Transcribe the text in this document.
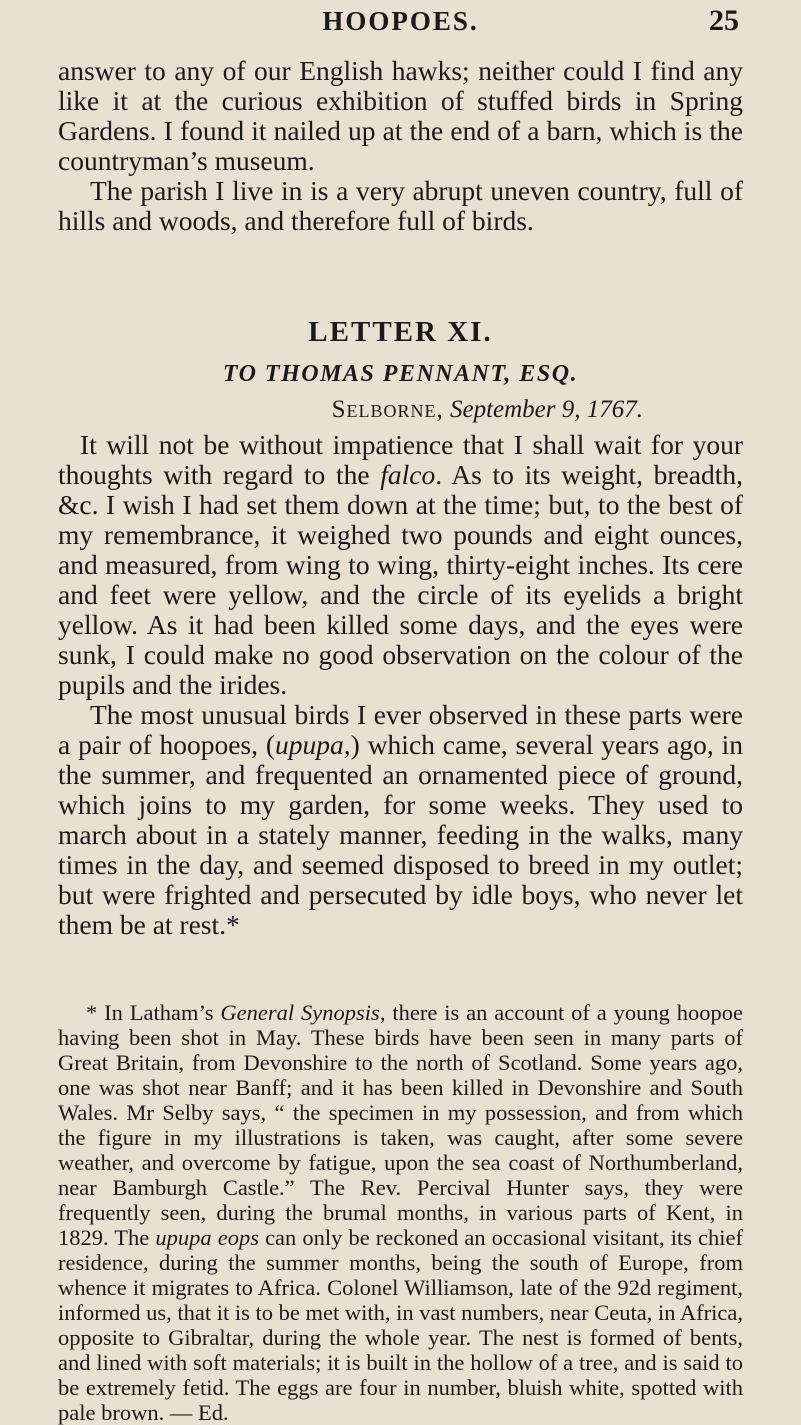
HOOPOES.	25

answer to any of our English hawks; neither could I find any like it at the curious exhibition of stuffed birds in Spring Gardens. I found it nailed up at the end of a barn, which is the countryman’s museum.

The parish I live in is a very abrupt uneven country, full of hills and woods, and therefore full of birds.

LETTER XI.
TO THOMAS PENNANT, ESQ.
Selborne, September 9, 1767.

It will not be without impatience that I shall wait for your thoughts with regard to the falco. As to its weight, breadth, &c. I wish I had set them down at the time; but, to the best of my remembrance, it weighed two pounds and eight ounces, and measured, from wing to wing, thirty-eight inches. Its cere and feet were yellow, and the circle of its eyelids a bright yellow. As it had been killed some days, and the eyes were sunk, I could make no good observation on the colour of the pupils and the irides.

The most unusual birds I ever observed in these parts were a pair of hoopoes, (upupa,) which came, several years ago, in the summer, and frequented an ornamented piece of ground, which joins to my garden, for some weeks. They used to march about in a stately manner, feeding in the walks, many times in the day, and seemed disposed to breed in my outlet; but were frighted and persecuted by idle boys, who never let them be at rest.*

* In Latham’s General Synopsis, there is an account of a young hoopoe having been shot in May. These birds have been seen in many parts of Great Britain, from Devonshire to the north of Scotland. Some years ago, one was shot near Banff; and it has been killed in Devonshire and South Wales. Mr Selby says, “ the specimen in my possession, and from which the figure in my illustrations is taken, was caught, after some severe weather, and overcome by fatigue, upon the sea coast of Northumberland, near Bamburgh Castle.” The Rev. Percival Hunter says, they were frequently seen, during the brumal months, in various parts of Kent, in 1829. The upupa eops can only be reckoned an occasional visitant, its chief residence, during the summer months, being the south of Europe, from whence it migrates to Africa. Colonel Williamson, late of the 92d regiment, informed us, that it is to be met with, in vast numbers, near Ceuta, in Africa, opposite to Gibraltar, during the whole year. The nest is formed of bents, and lined with soft materials; it is built in the hollow of a tree, and is said to be extremely fetid. The eggs are four in number, bluish white, spotted with pale brown. — Ed.
